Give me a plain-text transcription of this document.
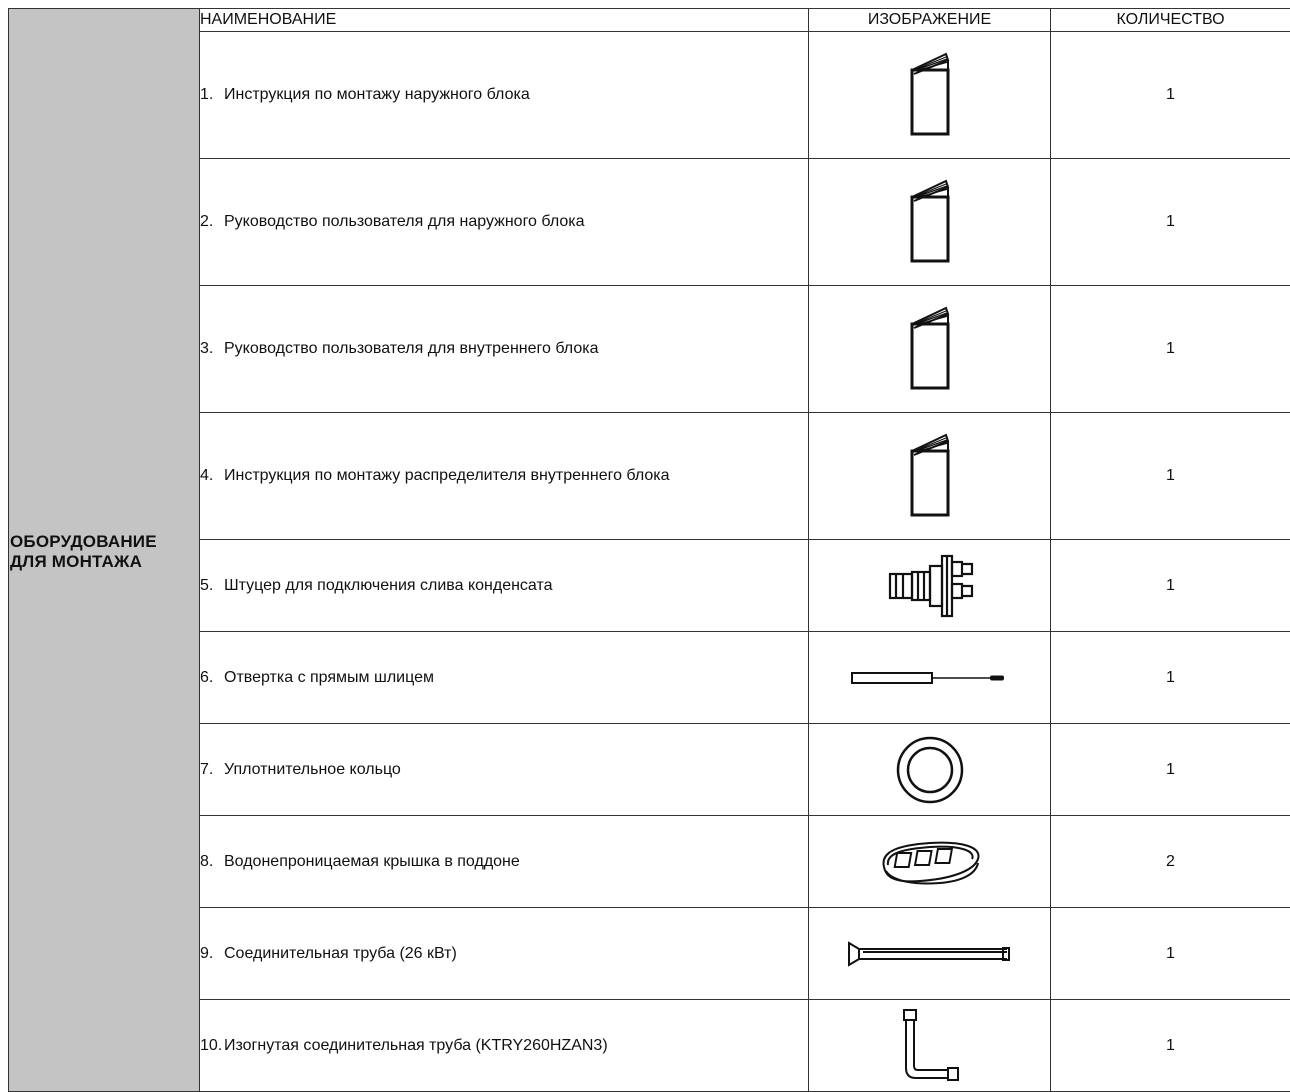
ОБОРУДОВАНИЕ
ДЛЯ МОНТАЖА	НАИМЕНОВАНИЕ	ИЗОБРАЖЕНИЕ	КОЛИЧЕСТВО
	1. Инструкция по монтажу наружного блока		1
	2. Руководство пользователя для наружного блока		1
	3. Руководство пользователя для внутреннего блока		1
	4. Инструкция по монтажу распределителя внутреннего блока		1
	5. Штуцер для подключения слива конденсата		1
	6. Отвертка с прямым шлицем		1
	7. Уплотнительное кольцо		1
	8. Водонепроницаемая крышка в поддоне		2
	9. Соединительная труба (26 кВт)		1
	10. Изогнутая соединительная труба (KTRY260HZAN3)		1
